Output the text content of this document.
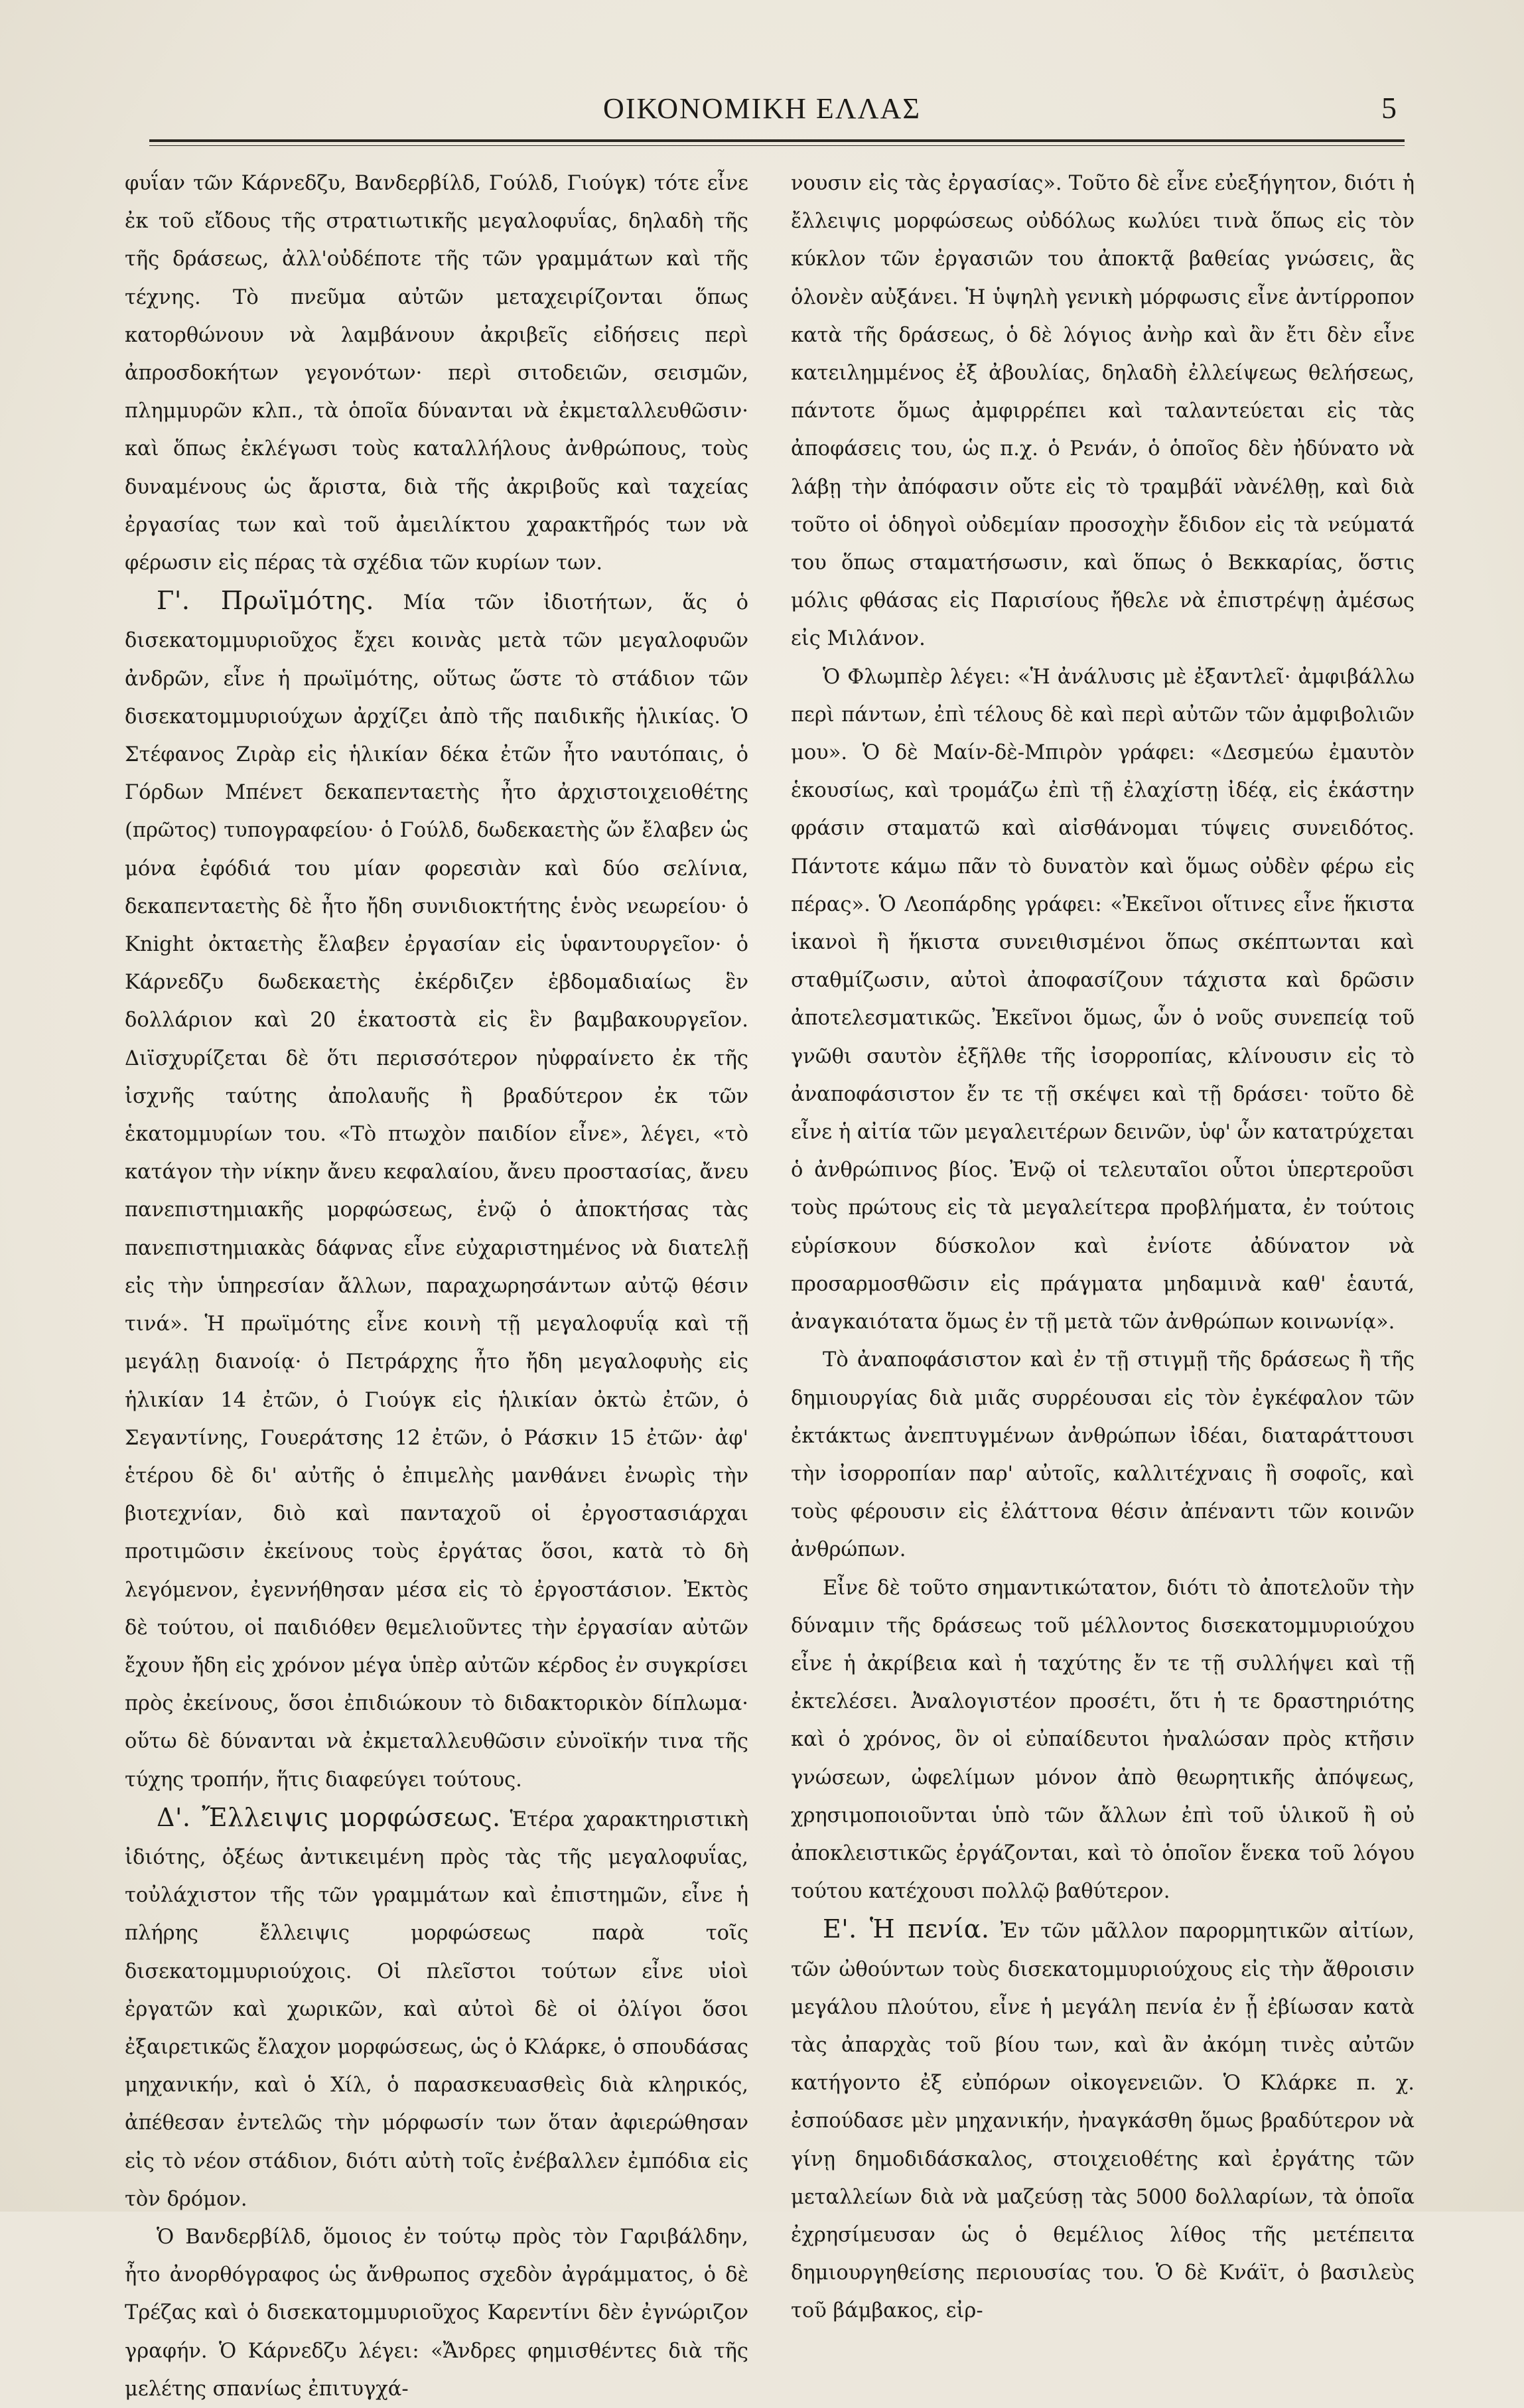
ΟΙΚΟΝΟΜΙΚΗ ΕΛΛΑΣ	5

φυΐαν τῶν Κάρνεδζυ, Βανδερβίλδ, Γούλδ, Γιούγκ) τότε εἶνε ἐκ τοῦ εἴδους τῆς στρατιωτικῆς μεγαλοφυΐας, δηλαδὴ τῆς τῆς δράσεως, ἀλλ'οὐδέποτε τῆς τῶν γραμμάτων καὶ τῆς τέχνης. Τὸ πνεῦμα αὐτῶν μεταχειρίζονται ὅπως κατορθώνουν νὰ λαμβάνουν ἀκριβεῖς εἰδήσεις περὶ ἀπροσδοκήτων γεγονότων· περὶ σιτοδειῶν, σεισμῶν, πλημμυρῶν κλπ., τὰ ὁποῖα δύνανται νὰ ἐκμεταλλευθῶσιν· καὶ ὅπως ἐκλέγωσι τοὺς καταλλήλους ἀνθρώπους, τοὺς δυναμένους ὡς ἄριστα, διὰ τῆς ἀκριβοῦς καὶ ταχείας ἐργασίας των καὶ τοῦ ἀμειλίκτου χαρακτῆρός των νὰ φέρωσιν εἰς πέρας τὰ σχέδια τῶν κυρίων των.

Γ'. Πρωϊμότης. Μία τῶν ἰδιοτήτων, ἅς ὁ δισεκατομμυριοῦχος ἔχει κοινὰς μετὰ τῶν μεγαλοφυῶν ἀνδρῶν, εἶνε ἡ πρωϊμότης, οὕτως ὥστε τὸ στάδιον τῶν δισεκατομμυριούχων ἀρχίζει ἀπὸ τῆς παιδικῆς ἡλικίας. Ὁ Στέφανος Ζιρὰρ εἰς ἡλικίαν δέκα ἐτῶν ἦτο ναυτόπαις, ὁ Γόρδων Μπένετ δεκαπενταετὴς ἦτο ἀρχιστοιχειοθέτης (πρῶτος) τυπογραφείου· ὁ Γούλδ, δωδεκαετὴς ὤν ἔλαβεν ὡς μόνα ἐφόδιά του μίαν φορεσιὰν καὶ δύο σελίνια, δεκαπενταετὴς δὲ ἦτο ἤδη συνιδιοκτήτης ἑνὸς νεωρείου· ὁ Knight ὀκταετὴς ἔλαβεν ἐργασίαν εἰς ὑφαντουργεῖον· ὁ Κάρνεδζυ δωδεκαετὴς ἐκέρδιζεν ἑβδομαδιαίως ἓν δολλάριον καὶ 20 ἑκατοστὰ εἰς ἓν βαμβακουργεῖον. Διϊσχυρίζεται δὲ ὅτι περισσότερον ηὐφραίνετο ἐκ τῆς ἰσχνῆς ταύτης ἀπολαυῆς ἢ βραδύτερον ἐκ τῶν ἑκατομμυρίων του. «Τὸ πτωχὸν παιδίον εἶνε», λέγει, «τὸ κατάγον τὴν νίκην ἄνευ κεφαλαίου, ἄνευ προστασίας, ἄνευ πανεπιστημιακῆς μορφώσεως, ἐνῷ ὁ ἀποκτήσας τὰς πανεπιστημιακὰς δάφνας εἶνε εὐχαριστημένος νὰ διατελῇ εἰς τὴν ὑπηρεσίαν ἄλλων, παραχωρησάντων αὐτῷ θέσιν τινά». Ἡ πρωϊμότης εἶνε κοινὴ τῇ μεγαλοφυΐᾳ καὶ τῇ μεγάλῃ διανοίᾳ· ὁ Πετράρχης ἦτο ἤδη μεγαλοφυὴς εἰς ἡλικίαν 14 ἐτῶν, ὁ Γιούγκ εἰς ἡλικίαν ὀκτὼ ἐτῶν, ὁ Σεγαντίνης, Γουεράτσης 12 ἐτῶν, ὁ Ράσκιν 15 ἐτῶν· ἀφ' ἑτέρου δὲ δι' αὐτῆς ὁ ἐπιμελὴς μανθάνει ἐνωρὶς τὴν βιοτεχνίαν, διὸ καὶ πανταχοῦ οἱ ἐργοστασιάρχαι προτιμῶσιν ἐκείνους τοὺς ἐργάτας ὅσοι, κατὰ τὸ δὴ λεγόμενον, ἐγεννήθησαν μέσα εἰς τὸ ἐργοστάσιον. Ἐκτὸς δὲ τούτου, οἱ παιδιόθεν θεμελιοῦντες τὴν ἐργασίαν αὐτῶν ἔχουν ἤδη εἰς χρόνον μέγα ὑπὲρ αὐτῶν κέρδος ἐν συγκρίσει πρὸς ἐκείνους, ὅσοι ἐπιδιώκουν τὸ διδακτορικὸν δίπλωμα· οὕτω δὲ δύνανται νὰ ἐκμεταλλευθῶσιν εὐνοϊκήν τινα τῆς τύχης τροπήν, ἥτις διαφεύγει τούτους.

Δ'. Ἔλλειψις μορφώσεως. Ἑτέρα χαρακτηριστικὴ ἰδιότης, ὀξέως ἀντικειμένη πρὸς τὰς τῆς μεγαλοφυΐας, τοὐλάχιστον τῆς τῶν γραμμάτων καὶ ἐπιστημῶν, εἶνε ἡ πλήρης ἔλλειψις μορφώσεως παρὰ τοῖς δισεκατομμυριούχοις. Οἱ πλεῖστοι τούτων εἶνε υἱοὶ ἐργατῶν καὶ χωρικῶν, καὶ αὐτοὶ δὲ οἱ ὀλίγοι ὅσοι ἐξαιρετικῶς ἔλαχον μορφώσεως, ὡς ὁ Κλάρκε, ὁ σπουδάσας μηχανικήν, καὶ ὁ Χίλ, ὁ παρασκευασθεὶς διὰ κληρικός, ἀπέθεσαν ἐντελῶς τὴν μόρφωσίν των ὅταν ἀφιερώθησαν εἰς τὸ νέον στάδιον, διότι αὐτὴ τοῖς ἐνέβαλλεν ἐμπόδια εἰς τὸν δρόμον.

Ὁ Βανδερβίλδ, ὅμοιος ἐν τούτῳ πρὸς τὸν Γαριβάλδην, ἦτο ἀνορθόγραφος ὡς ἄνθρωπος σχεδὸν ἀγράμματος, ὁ δὲ Τρέζας καὶ ὁ δισεκατομμυριοῦχος Καρεντίνι δὲν ἐγνώριζον γραφήν. Ὁ Κάρνεδζυ λέγει: «Ἄνδρες φημισθέντες διὰ τῆς μελέτης σπανίως ἐπιτυγχά-

νουσιν εἰς τὰς ἐργασίας». Τοῦτο δὲ εἶνε εὐεξήγητον, διότι ἡ ἔλλειψις μορφώσεως οὐδόλως κωλύει τινὰ ὅπως εἰς τὸν κύκλον τῶν ἐργασιῶν του ἀποκτᾷ βαθείας γνώσεις, ἃς ὁλονὲν αὐξάνει. Ἡ ὑψηλὴ γενικὴ μόρφωσις εἶνε ἀντίρροπον κατὰ τῆς δράσεως, ὁ δὲ λόγιος ἀνὴρ καὶ ἂν ἔτι δὲν εἶνε κατειλημμένος ἐξ ἀβουλίας, δηλαδὴ ἐλλείψεως θελήσεως, πάντοτε ὅμως ἀμφιρρέπει καὶ ταλαντεύεται εἰς τὰς ἀποφάσεις του, ὡς π.χ. ὁ Ρενάν, ὁ ὁποῖος δὲν ἠδύνατο νὰ λάβῃ τὴν ἀπόφασιν οὔτε εἰς τὸ τραμβάϊ νὰνέλθῃ, καὶ διὰ τοῦτο οἱ ὁδηγοὶ οὐδεμίαν προσοχὴν ἔδιδον εἰς τὰ νεύματά του ὅπως σταματήσωσιν, καὶ ὅπως ὁ Βεκκαρίας, ὅστις μόλις φθάσας εἰς Παρισίους ἤθελε νὰ ἐπιστρέψῃ ἀμέσως εἰς Μιλάνον.

Ὁ Φλωμπὲρ λέγει: «Ἡ ἀνάλυσις μὲ ἐξαντλεῖ· ἀμφιβάλλω περὶ πάντων, ἐπὶ τέλους δὲ καὶ περὶ αὐτῶν τῶν ἀμφιβολιῶν μου». Ὁ δὲ Μαίν-δὲ-Μπιρὸν γράφει: «Δεσμεύω ἐμαυτὸν ἑκουσίως, καὶ τρομάζω ἐπὶ τῇ ἐλαχίστῃ ἰδέᾳ, εἰς ἑκάστην φράσιν σταματῶ καὶ αἰσθάνομαι τύψεις συνειδότος. Πάντοτε κάμω πᾶν τὸ δυνατὸν καὶ ὅμως οὐδὲν φέρω εἰς πέρας». Ὁ Λεοπάρδης γράφει: «Ἐκεῖνοι οἵτινες εἶνε ἥκιστα ἱκανοὶ ἢ ἥκιστα συνειθισμένοι ὅπως σκέπτωνται καὶ σταθμίζωσιν, αὐτοὶ ἀποφασίζουν τάχιστα καὶ δρῶσιν ἀποτελεσματικῶς. Ἐκεῖνοι ὅμως, ὧν ὁ νοῦς συνεπείᾳ τοῦ γνῶθι σαυτὸν ἐξῆλθε τῆς ἰσορροπίας, κλίνουσιν εἰς τὸ ἀναποφάσιστον ἔν τε τῇ σκέψει καὶ τῇ δράσει· τοῦτο δὲ εἶνε ἡ αἰτία τῶν μεγαλειτέρων δεινῶν, ὑφ' ὧν κατατρύχεται ὁ ἀνθρώπινος βίος. Ἐνῷ οἱ τελευταῖοι οὗτοι ὑπερτεροῦσι τοὺς πρώτους εἰς τὰ μεγαλείτερα προβλήματα, ἐν τούτοις εὑρίσκουν δύσκολον καὶ ἐνίοτε ἀδύνατον νὰ προσαρμοσθῶσιν εἰς πράγματα μηδαμινὰ καθ' ἑαυτά, ἀναγκαιότατα ὅμως ἐν τῇ μετὰ τῶν ἀνθρώπων κοινωνίᾳ».

Τὸ ἀναποφάσιστον καὶ ἐν τῇ στιγμῇ τῆς δράσεως ἢ τῆς δημιουργίας διὰ μιᾶς συρρέουσαι εἰς τὸν ἐγκέφαλον τῶν ἐκτάκτως ἀνεπτυγμένων ἀνθρώπων ἰδέαι, διαταράττουσι τὴν ἰσορροπίαν παρ' αὐτοῖς, καλλιτέχναις ἢ σοφοῖς, καὶ τοὺς φέρουσιν εἰς ἐλάττονα θέσιν ἀπέναντι τῶν κοινῶν ἀνθρώπων.

Εἶνε δὲ τοῦτο σημαντικώτατον, διότι τὸ ἀποτελοῦν τὴν δύναμιν τῆς δράσεως τοῦ μέλλοντος δισεκατομμυριούχου εἶνε ἡ ἀκρίβεια καὶ ἡ ταχύτης ἔν τε τῇ συλλήψει καὶ τῇ ἐκτελέσει. Ἀναλογιστέον προσέτι, ὅτι ἡ τε δραστηριότης καὶ ὁ χρόνος, ὃν οἱ εὐπαίδευτοι ἠναλώσαν πρὸς κτῆσιν γνώσεων, ὠφελίμων μόνον ἀπὸ θεωρητικῆς ἀπόψεως, χρησιμοποιοῦνται ὑπὸ τῶν ἄλλων ἐπὶ τοῦ ὑλικοῦ ἢ οὐ ἀποκλειστικῶς ἐργάζονται, καὶ τὸ ὁποῖον ἕνεκα τοῦ λόγου τούτου κατέχουσι πολλῷ βαθύτερον.

Ε'. Ἡ πενία. Ἐν τῶν μᾶλλον παρορμητικῶν αἰτίων, τῶν ὠθούντων τοὺς δισεκατομμυριούχους εἰς τὴν ἄθροισιν μεγάλου πλούτου, εἶνε ἡ μεγάλη πενία ἐν ᾗ ἐβίωσαν κατὰ τὰς ἀπαρχὰς τοῦ βίου των, καὶ ἂν ἀκόμη τινὲς αὐτῶν κατήγοντο ἐξ εὐπόρων οἰκογενειῶν. Ὁ Κλάρκε π. χ. ἐσπούδασε μὲν μηχανικήν, ἠναγκάσθη ὅμως βραδύτερον νὰ γίνῃ δημοδιδάσκαλος, στοιχειοθέτης καὶ ἐργάτης τῶν μεταλλείων διὰ νὰ μαζεύσῃ τὰς 5000 δολλαρίων, τὰ ὁποῖα ἐχρησίμευσαν ὡς ὁ θεμέλιος λίθος τῆς μετέπειτα δημιουργηθείσης περιουσίας του. Ὁ δὲ Κνάϊτ, ὁ βασιλεὺς τοῦ βάμβακος, εἰρ-
